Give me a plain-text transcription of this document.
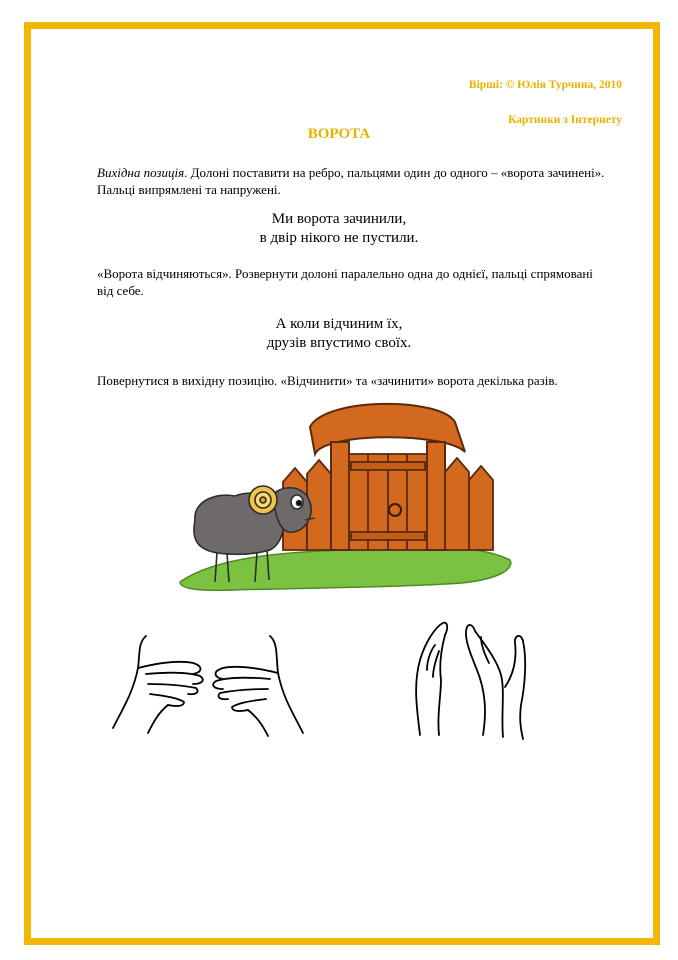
Вірші: © Юлія Турчина, 2010
Картинки з Інтернету
ВОРОТА
Вихідна позиція. Долоні поставити на ребро, пальцями один до одного – «ворота зачинені». Пальці випрямлені та напружені.
Ми ворота зачинили,
в двір нікого не пустили.
«Ворота відчиняються». Розвернути долоні паралельно одна до однієї, пальці спрямовані від себе.
А коли відчиним їх,
друзів впустимо своїх.
Повернутися в вихідну позицію. «Відчинити» та «зачинити» ворота декілька разів.
